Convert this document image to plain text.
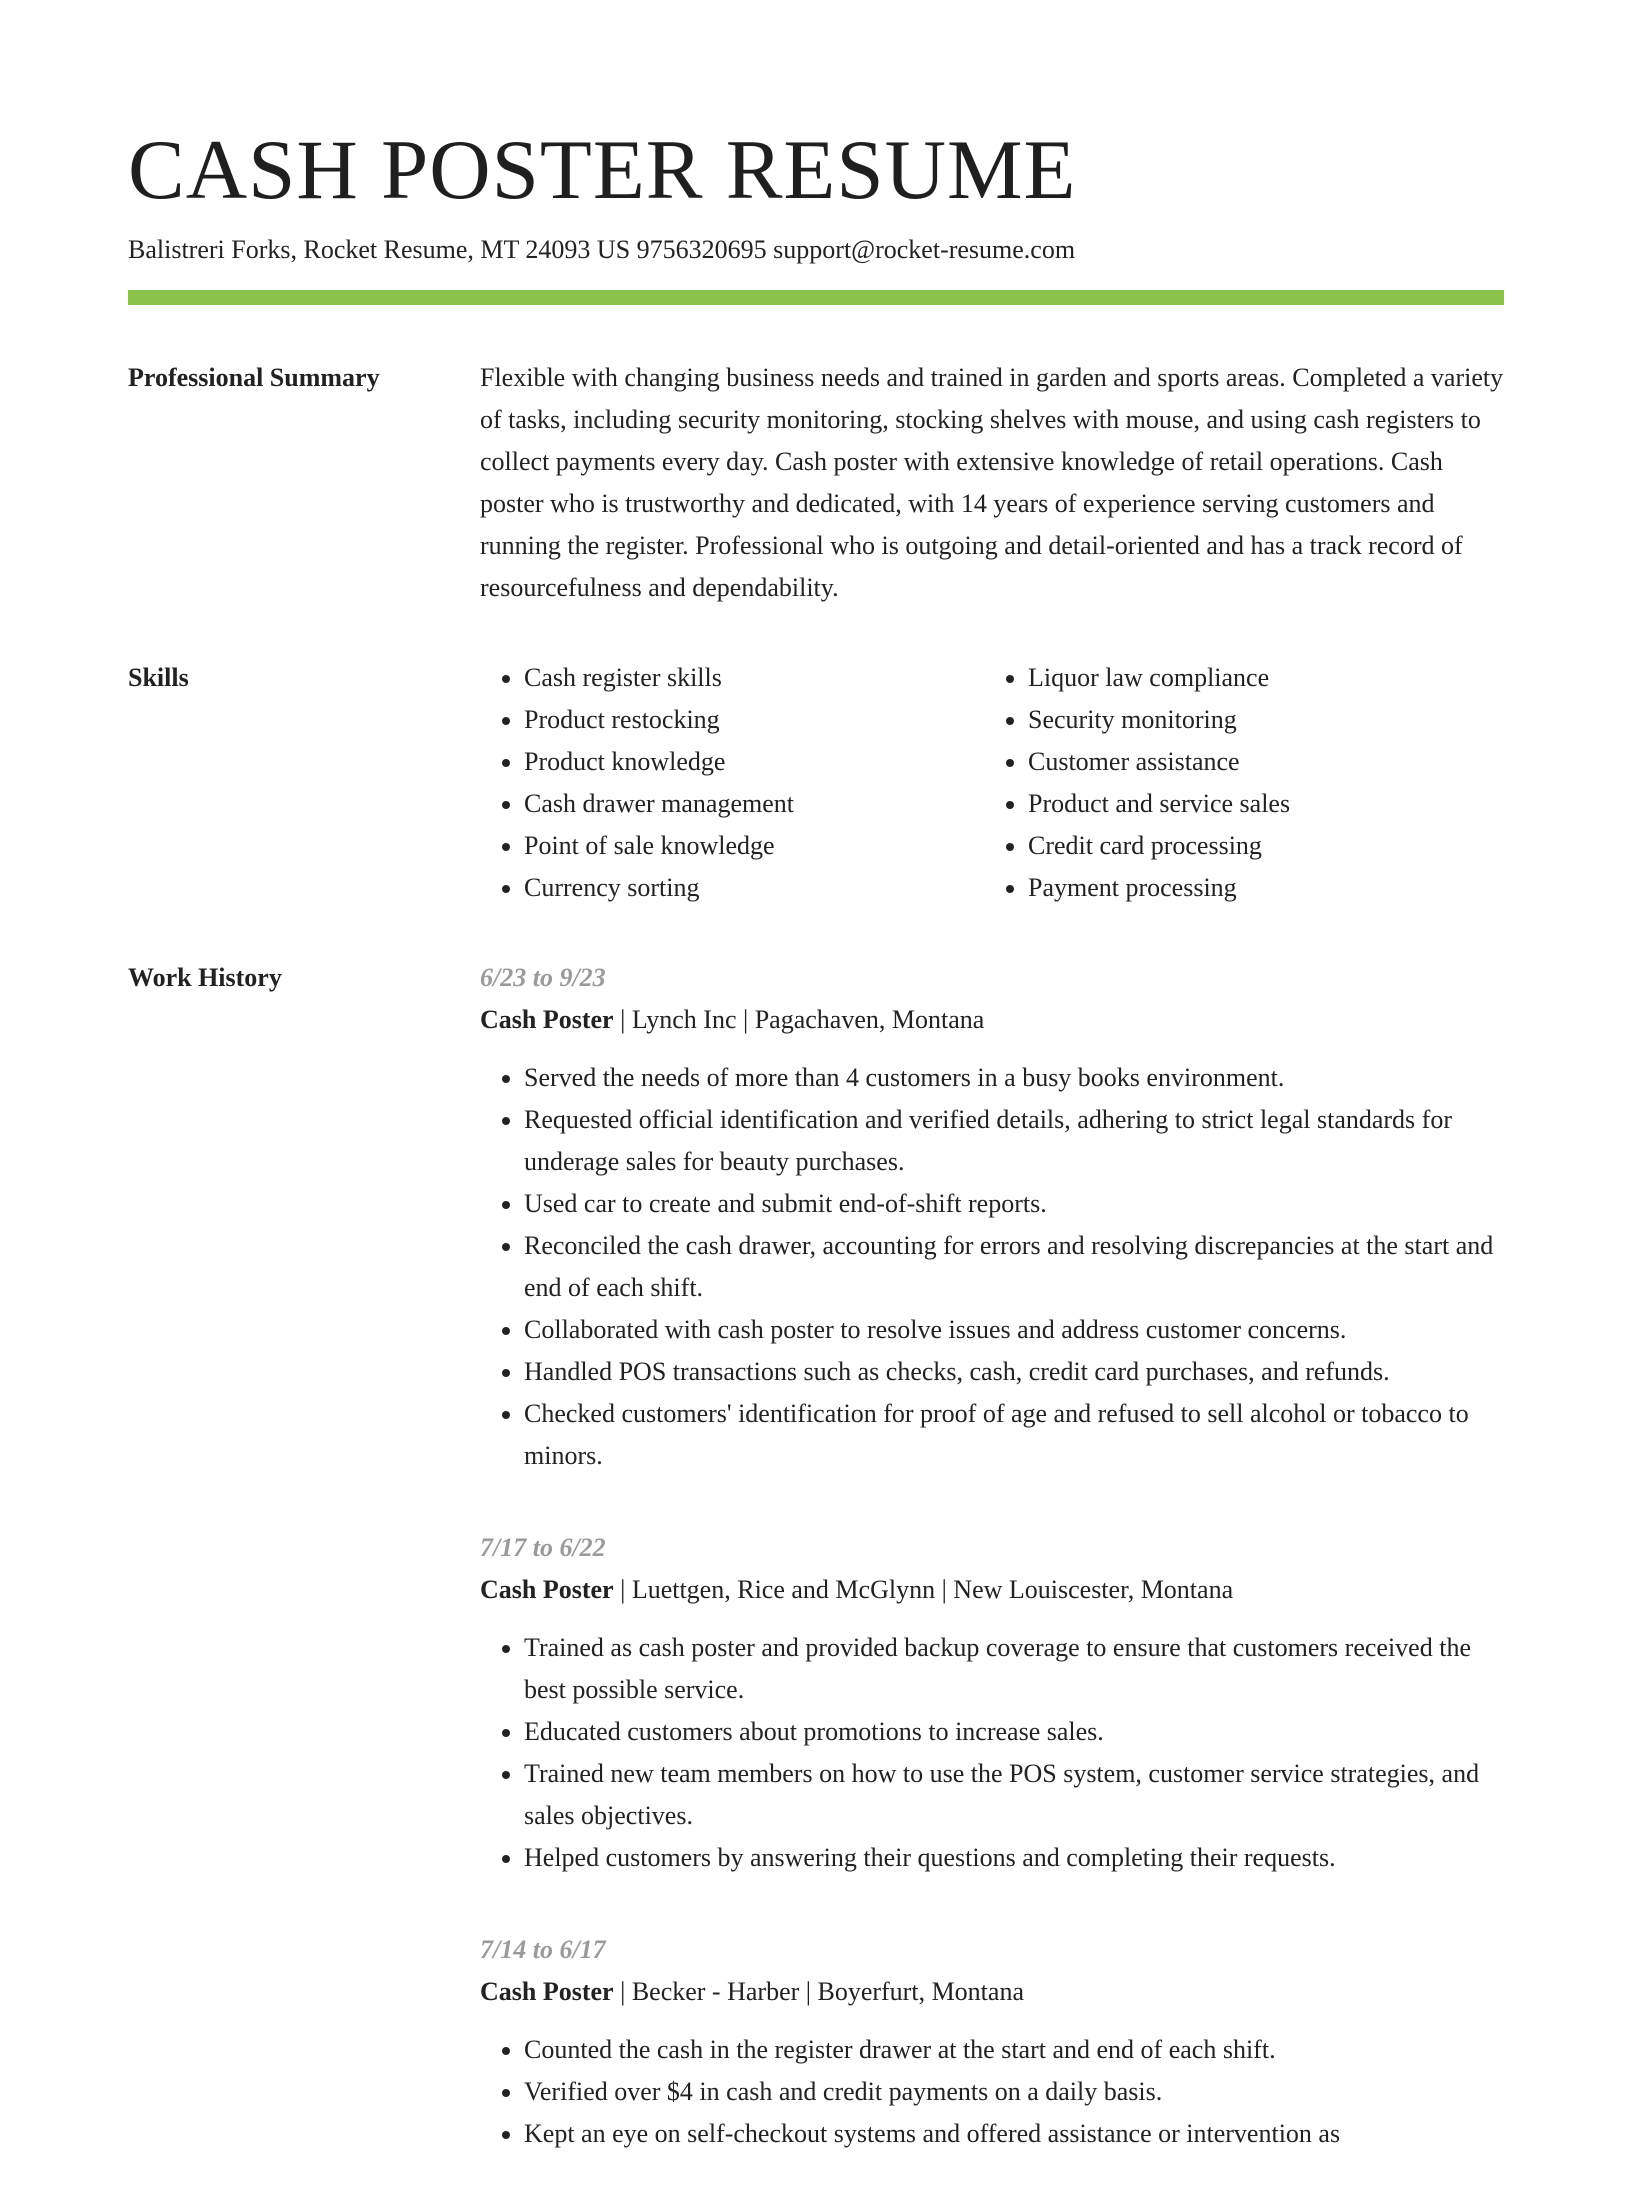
CASH POSTER RESUME
Balistreri Forks, Rocket Resume, MT 24093 US 9756320695 support@rocket-resume.com
Professional Summary	Flexible with changing business needs and trained in garden and sports areas. Completed a variety of tasks, including security monitoring, stocking shelves with mouse, and using cash registers to collect payments every day. Cash poster with extensive knowledge of retail operations. Cash poster who is trustworthy and dedicated, with 14 years of experience serving customers and running the register. Professional who is outgoing and detail-oriented and has a track record of resourcefulness and dependability.

Skills
•	Cash register skills
• Product restocking
• Product knowledge
• Cash drawer management
• Point of sale knowledge
• Currency sorting
• Liquor law compliance
• Security monitoring
• Customer assistance
• Product and service sales
• Credit card processing
• Payment processing
Work History	6/23 to 9/23
Cash Poster | Lynch Inc | Pagachaven, Montana
• Served the needs of more than 4 customers in a busy books environment.
• Requested official identification and verified details, adhering to strict legal standards for underage sales for beauty purchases.
• Used car to create and submit end-of-shift reports.
• Reconciled the cash drawer, accounting for errors and resolving discrepancies at the start and end of each shift.
• Collaborated with cash poster to resolve issues and address customer concerns.
• Handled POS transactions such as checks, cash, credit card purchases, and refunds.
• Checked customers' identification for proof of age and refused to sell alcohol or tobacco to minors.
7/17 to 6/22
Cash Poster | Luettgen, Rice and McGlynn | New Louiscester, Montana
• Trained as cash poster and provided backup coverage to ensure that customers received the best possible service.
• Educated customers about promotions to increase sales.
• Trained new team members on how to use the POS system, customer service strategies, and sales objectives.
• Helped customers by answering their questions and completing their requests.
7/14 to 6/17
Cash Poster | Becker - Harber | Boyerfurt, Montana
• Counted the cash in the register drawer at the start and end of each shift.
• Verified over $4 in cash and credit payments on a daily basis.
• Kept an eye on self-checkout systems and offered assistance or intervention as
